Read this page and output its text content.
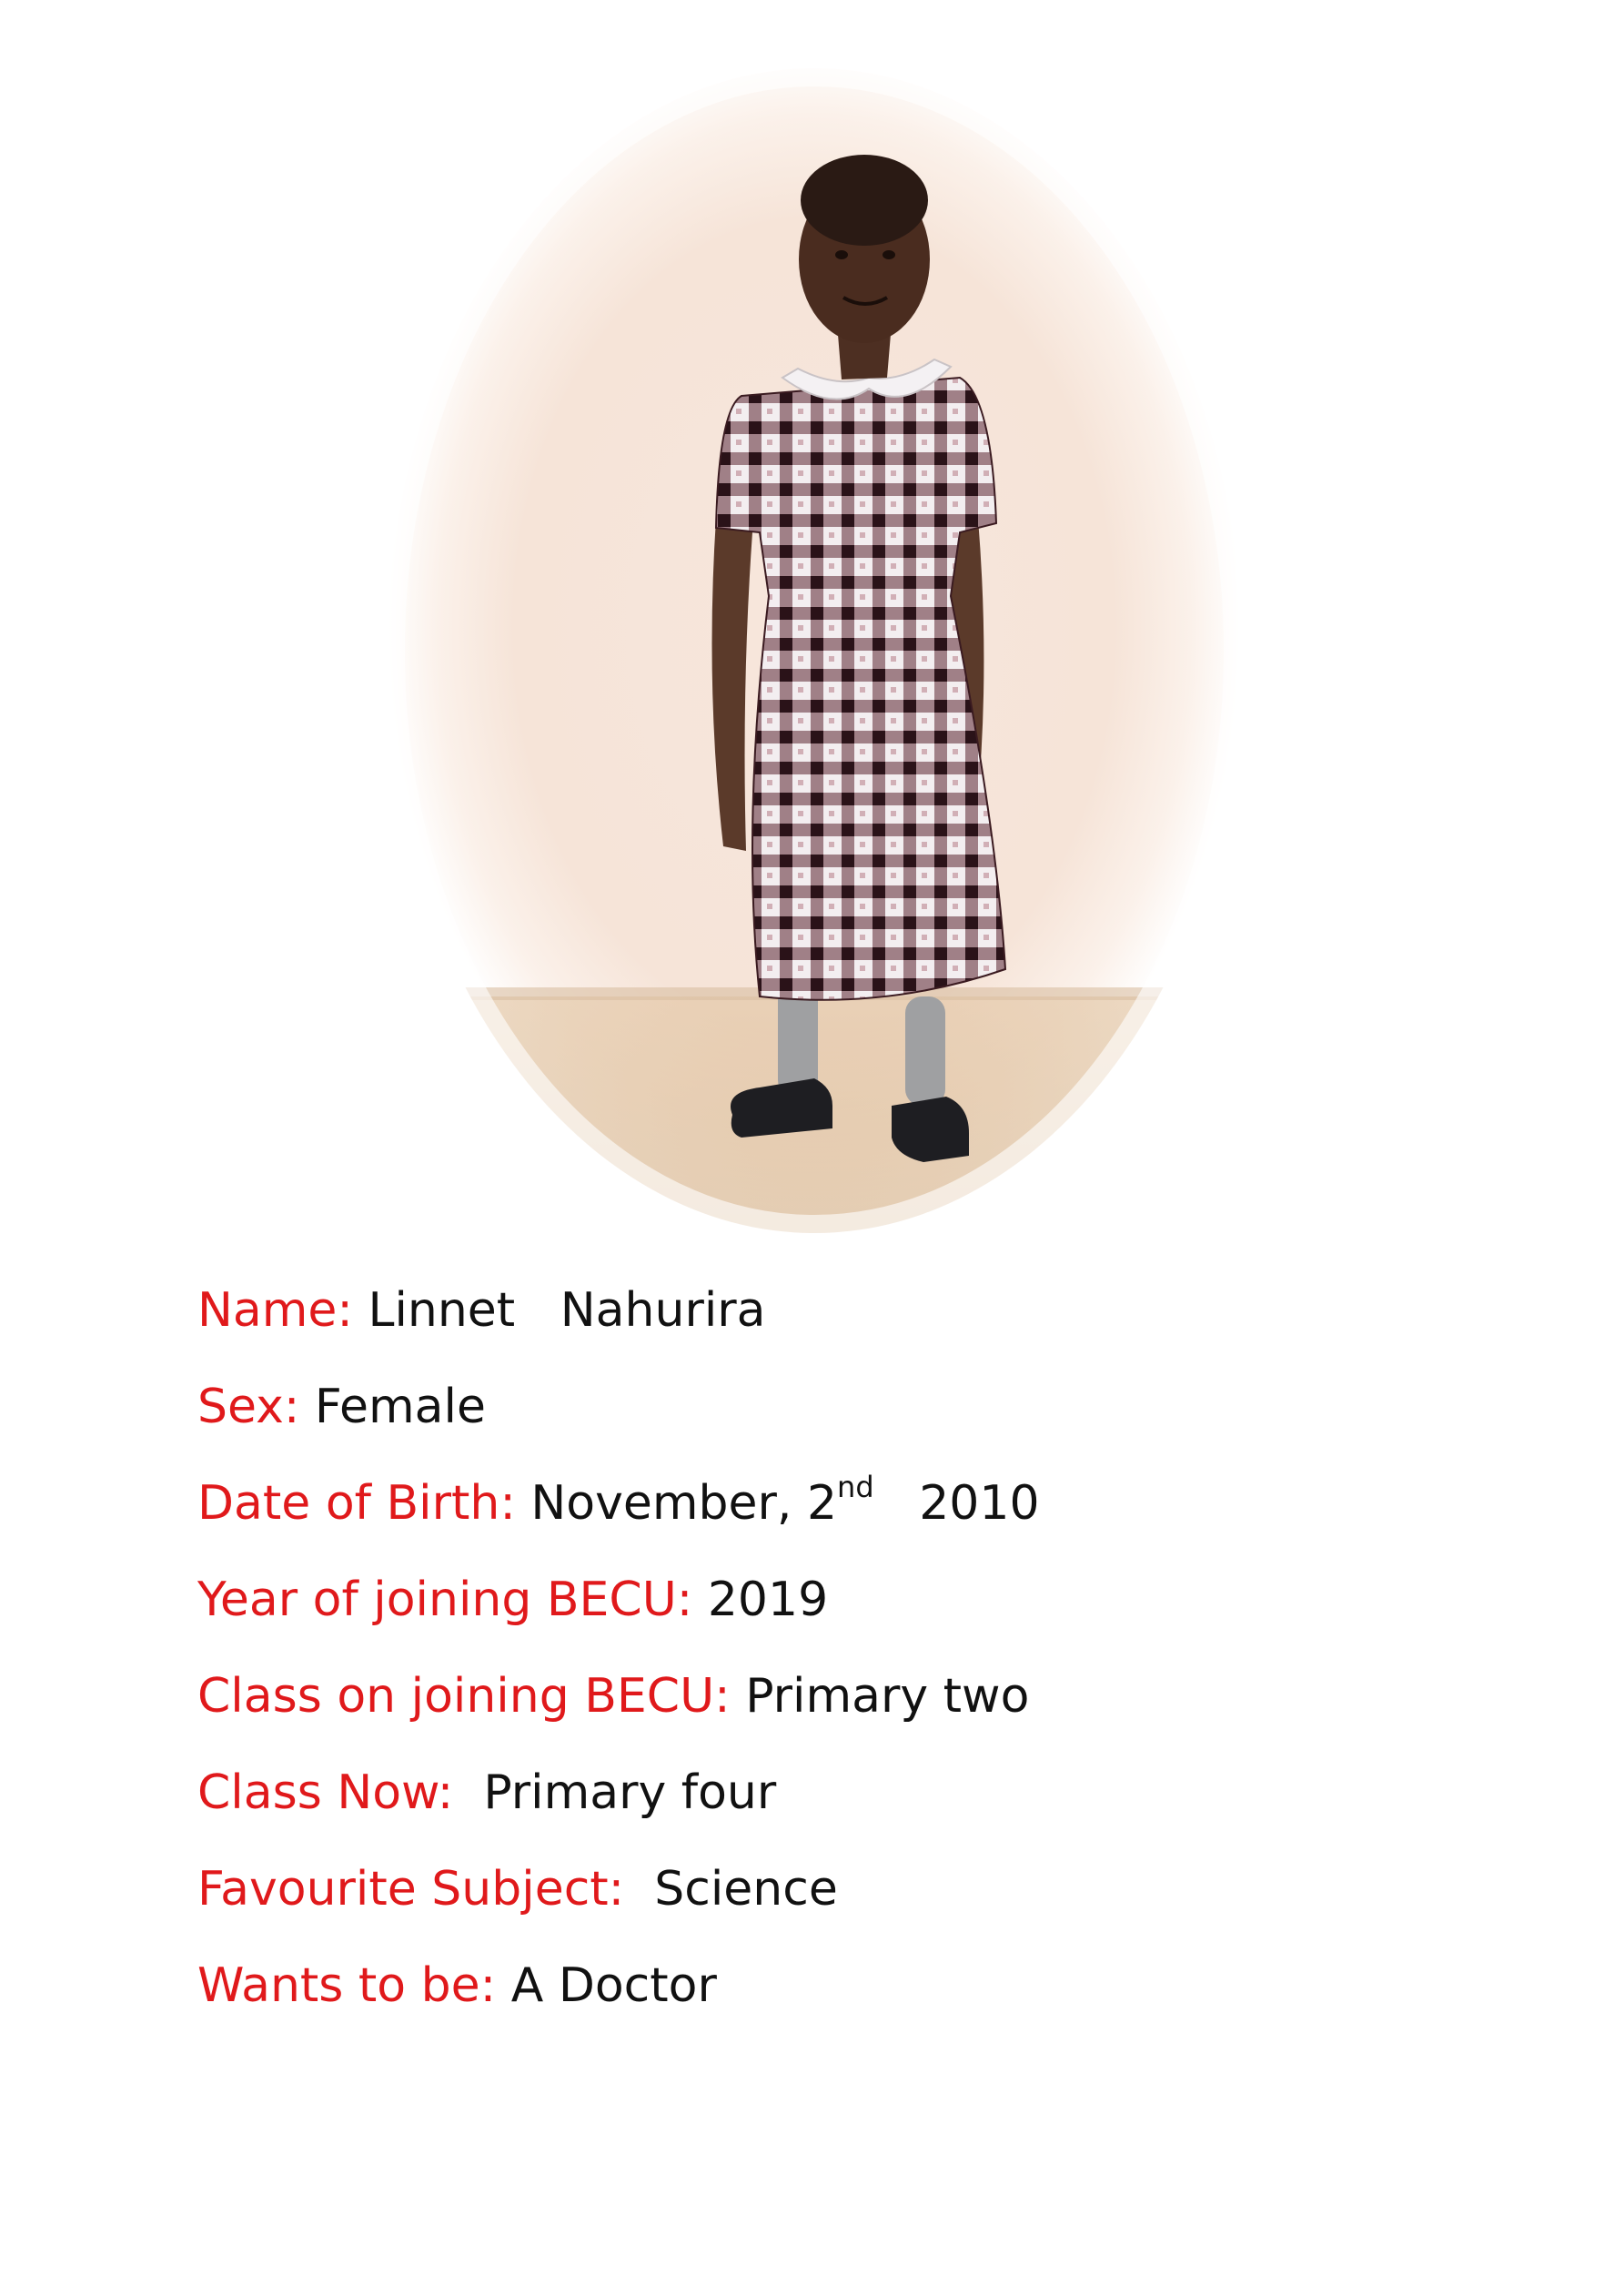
Name: Linnet   Nahurira
Sex: Female
Date of Birth: November, 2nd   2010
Year of joining BECU: 2019
Class on joining BECU: Primary two
Class Now:  Primary four
Favourite Subject:  Science
Wants to be: A Doctor
